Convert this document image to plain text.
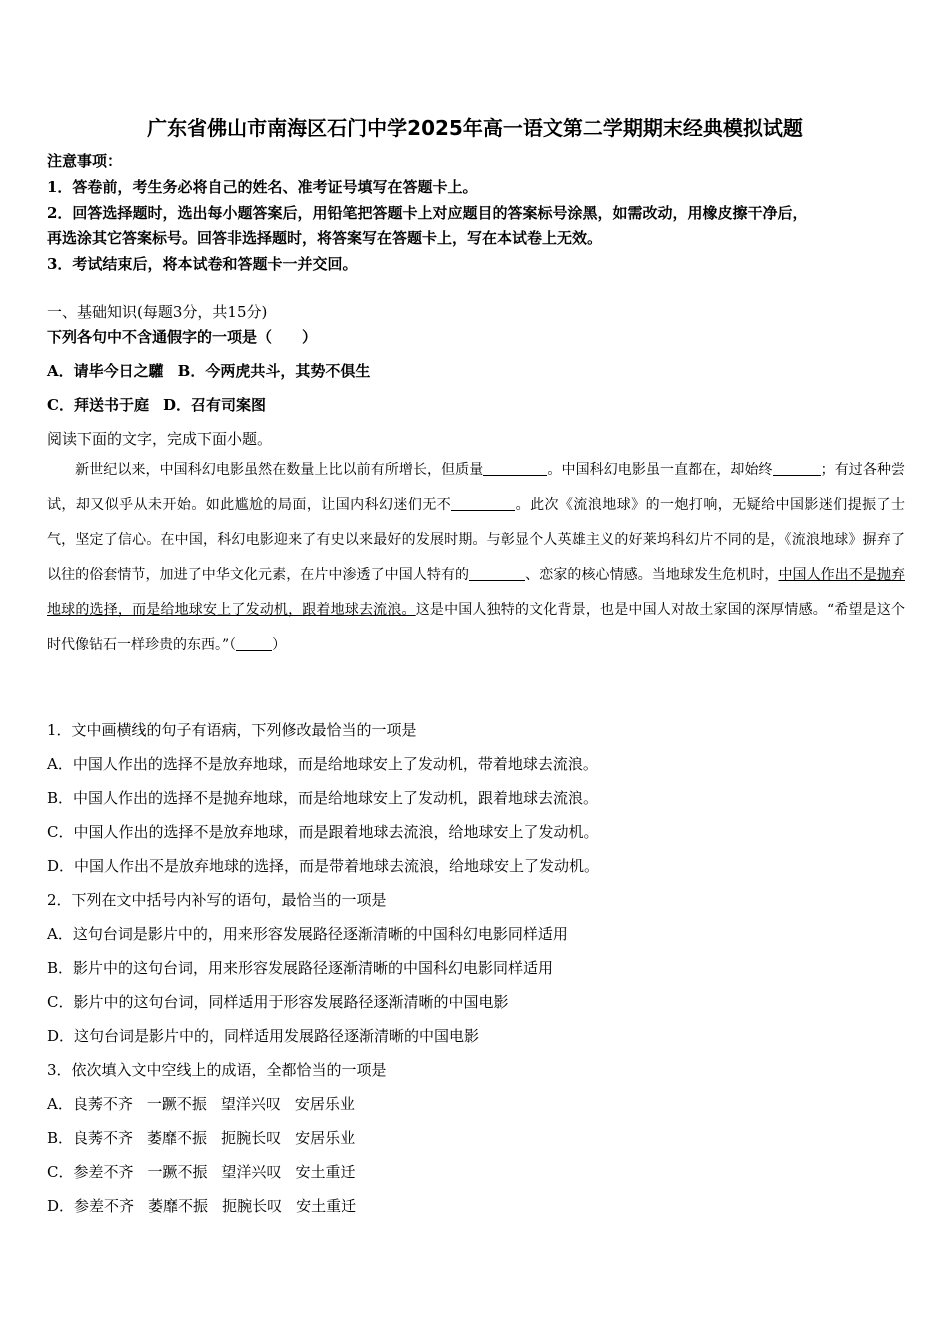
广东省佛山市南海区石门中学2025年高一语文第二学期期末经典模拟试题
注意事项：
1．答卷前，考生务必将自己的姓名、准考证号填写在答题卡上。
2．回答选择题时，选出每小题答案后，用铅笔把答题卡上对应题目的答案标号涂黑，如需改动，用橡皮擦干净后，
再选涂其它答案标号。回答非选择题时，将答案写在答题卡上，写在本试卷上无效。
3．考试结束后，将本试卷和答题卡一并交回。
一、基础知识(每题3分，共15分)
下列各句中不含通假字的一项是（　　）
A．请毕今日之驩 B．今两虎共斗，其势不俱生
C．拜送书于庭 D．召有司案图
阅读下面的文字，完成下面小题。
　　新世纪以来，中国科幻电影虽然在数量上比以前有所增长，但质量	。中国科幻电影虽一直都在，却始终	；有过各种尝试，却又似乎从未开始。如此尴尬的局面，让国内科幻迷们无不	。此次《流浪地球》的一炮打响，无疑给中国影迷们提振了士气，坚定了信心。在中国，科幻电影迎来了有史以来最好的发展时期。与彰显个人英雄主义的好莱坞科幻片不同的是，《流浪地球》摒弃了以往的俗套情节，加进了中华文化元素，在片中渗透了中国人特有的	、恋家的核心情感。当地球发生危机时，中国人作出不是抛弃地球的选择，而是给地球安上了发动机，跟着地球去流浪。这是中国人独特的文化背景，也是中国人对故土家国的深厚情感。“希望是这个时代像钻石一样珍贵的东西。”（	）
1．文中画横线的句子有语病，下列修改最恰当的一项是
A．中国人作出的选择不是放弃地球，而是给地球安上了发动机，带着地球去流浪。
B．中国人作出的选择不是抛弃地球，而是给地球安上了发动机，跟着地球去流浪。
C．中国人作出的选择不是放弃地球，而是跟着地球去流浪，给地球安上了发动机。
D．中国人作出不是放弃地球的选择，而是带着地球去流浪，给地球安上了发动机。
2．下列在文中括号内补写的语句，最恰当的一项是
A．这句台词是影片中的，用来形容发展路径逐渐清晰的中国科幻电影同样适用
B．影片中的这句台词，用来形容发展路径逐渐清晰的中国科幻电影同样适用
C．影片中的这句台词，同样适用于形容发展路径逐渐清晰的中国电影
D．这句台词是影片中的，同样适用发展路径逐渐清晰的中国电影
3．依次填入文中空线上的成语，全都恰当的一项是
A．良莠不齐 一蹶不振 望洋兴叹 安居乐业
B．良莠不齐 萎靡不振 扼腕长叹 安居乐业
C．参差不齐 一蹶不振 望洋兴叹 安土重迁
D．参差不齐 萎靡不振 扼腕长叹 安土重迁
